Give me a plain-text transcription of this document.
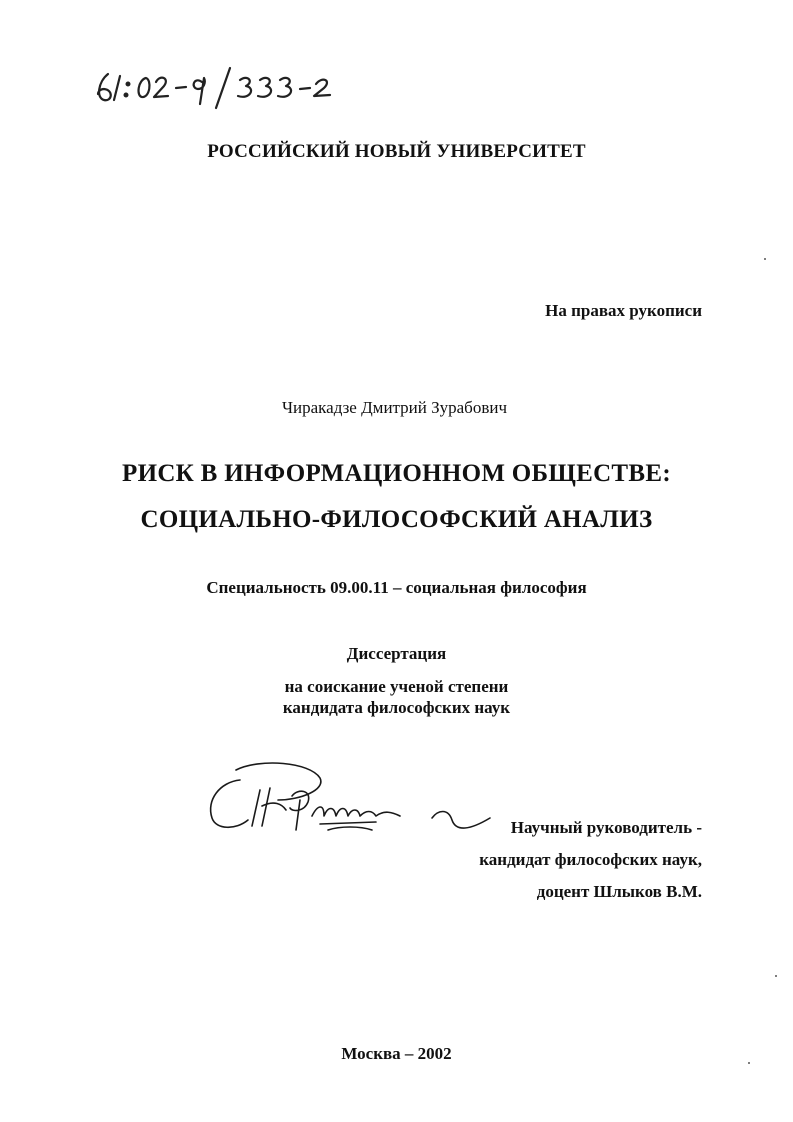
РОССИЙСКИЙ НОВЫЙ УНИВЕРСИТЕТ
На правах рукописи
Чиракадзе Дмитрий Зурабович
РИСК В ИНФОРМАЦИОННОМ ОБЩЕСТВЕ:
СОЦИАЛЬНО-ФИЛОСОФСКИЙ АНАЛИЗ
Специальность 09.00.11 – социальная философия
Диссертация
на соискание ученой степени
кандидата философских наук
Научный руководитель -
кандидат философских наук,
доцент Шлыков В.М.
Москва – 2002
